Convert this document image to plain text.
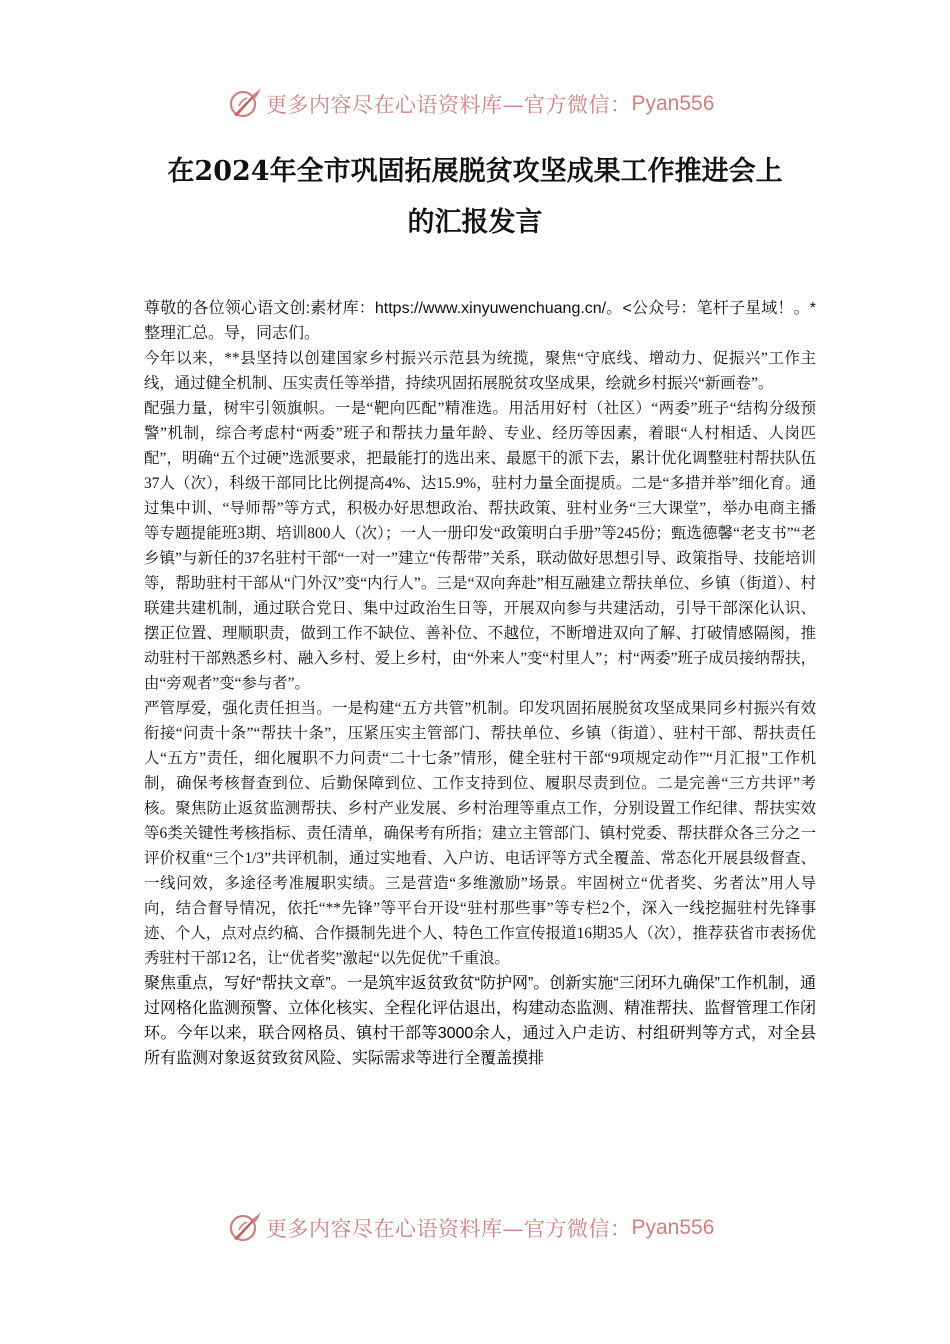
更多内容尽在心语资料库—官方微信： Pyan556
在2024年全市巩固拓展脱贫攻坚成果工作推进会上
的汇报发言

尊敬的各位领心语文创:素材库：https://www.xinyuwenchuang.cn/。<公众号：笔杆子星域！。*整理汇总。导，同志们。

今年以来，**县坚持以创建国家乡村振兴示范县为统揽，聚焦“守底线、增动力、促振兴”工作主线，通过健全机制、压实责任等举措，持续巩固拓展脱贫攻坚成果，绘就乡村振兴“新画卷”。

配强力量，树牢引领旗帜。一是“靶向匹配”精准选。用活用好村（社区）“两委”班子“结构分级预警”机制，综合考虑村“两委”班子和帮扶力量年龄、专业、经历等因素，着眼“人村相适、人岗匹配”，明确“五个过硬”选派要求，把最能打的选出来、最愿干的派下去，累计优化调整驻村帮扶队伍37人（次），科级干部同比比例提高4%、达15.9%，驻村力量全面提质。二是“多措并举”细化育。通过集中训、“导师帮”等方式，积极办好思想政治、帮扶政策、驻村业务“三大课堂”，举办电商主播等专题提能班3期、培训800人（次）；一人一册印发“政策明白手册”等245份；甄选德馨“老支书”“老乡镇”与新任的37名驻村干部“一对一”建立“传帮带”关系，联动做好思想引导、政策指导、技能培训等，帮助驻村干部从“门外汉”变“内行人”。三是“双向奔赴”相互融建立帮扶单位、乡镇（街道）、村联建共建机制，通过联合党日、集中过政治生日等，开展双向参与共建活动，引导干部深化认识、摆正位置、理顺职责，做到工作不缺位、善补位、不越位，不断增进双向了解、打破情感隔阂，推动驻村干部熟悉乡村、融入乡村、爱上乡村，由“外来人”变“村里人”；村“两委”班子成员接纳帮扶，由“旁观者”变“参与者”。

严管厚爱，强化责任担当。一是构建“五方共管”机制。印发巩固拓展脱贫攻坚成果同乡村振兴有效衔接“问责十条”“帮扶十条”，压紧压实主管部门、帮扶单位、乡镇（街道）、驻村干部、帮扶责任人“五方”责任，细化履职不力问责“二十七条”情形，健全驻村干部“9项规定动作”“月汇报”工作机制，确保考核督查到位、后勤保障到位、工作支持到位、履职尽责到位。二是完善“三方共评”考核。聚焦防止返贫监测帮扶、乡村产业发展、乡村治理等重点工作，分别设置工作纪律、帮扶实效等6类关键性考核指标、责任清单，确保考有所指；建立主管部门、镇村党委、帮扶群众各三分之一评价权重“三个1/3”共评机制，通过实地看、入户访、电话评等方式全覆盖、常态化开展县级督查、一线问效，多途径考准履职实绩。三是营造“多维激励”场景。牢固树立“优者奖、劣者汰”用人导向，结合督导情况，依托“**先锋”等平台开设“驻村那些事”等专栏2个，深入一线挖掘驻村先锋事迹、个人，点对点约稿、合作摄制先进个人、特色工作宣传报道16期35人（次），推荐获省市表扬优秀驻村干部12名，让“优者奖”激起“以先促优”千重浪。

聚焦重点，写好“帮扶文章”。一是筑牢返贫致贫“防护网”。创新实施“三闭环九确保”工作机制，通过网格化监测预警、立体化核实、全程化评估退出，构建动态监测、精准帮扶、监督管理工作闭环。今年以来，联合网格员、镇村干部等3000余人，通过入户走访、村组研判等方式，对全县所有监测对象返贫致贫风险、实际需求等进行全覆盖摸排

更多内容尽在心语资料库—官方微信： Pyan556
